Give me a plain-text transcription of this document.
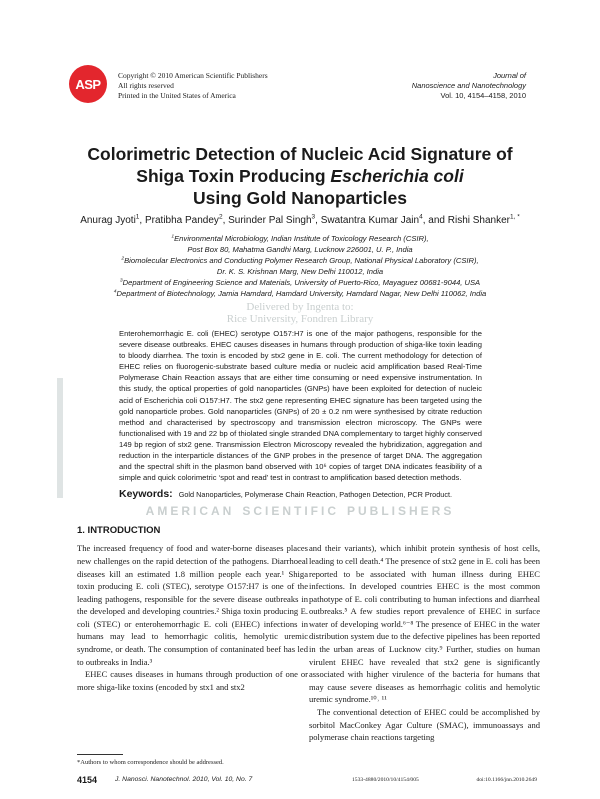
ASP
Copyright © 2010 American Scientific Publishers
All rights reserved
Printed in the United States of America
Journal of
Nanoscience and Nanotechnology
Vol. 10, 4154–4158, 2010
Colorimetric Detection of Nucleic Acid Signature of
Shiga Toxin Producing Escherichia coli
Using Gold Nanoparticles
Anurag Jyoti$^1$, Pratibha Pandey$^2$, Surinder Pal Singh$^3$, Swatantra Kumar Jain$^4$, and Rishi Shanker$^{1, *}$
$^1$Environmental Microbiology, Indian Institute of Toxicology Research (CSIR),
Post Box 80, Mahatma Gandhi Marg, Lucknow 226001, U. P., India
$^2$Biomolecular Electronics and Conducting Polymer Research Group, National Physical Laboratory (CSIR),
Dr. K. S. Krishnan Marg, New Delhi 110012, India
$^3$Department of Engineering Science and Materials, University of Puerto-Rico, Mayaguez 00681-9044, USA
$^4$Department of Biotechnology, Jamia Hamdard, Hamdard University, Hamdard Nagar, New Delhi 110062, India
Delivered by Ingenta to:
Rice University, Fondren Library
Enterohemorrhagic E. coli (EHEC) serotype O157:H7 is one of the major pathogens, responsible for the severe disease outbreaks. EHEC causes diseases in humans through production of shiga-like toxin leading to bloody diarrhea. The toxin is encoded by stx2 gene in E. coli. The current methodology for detection of EHEC relies on fluorogenic-substrate based culture media or nucleic acid amplification based Real-Time Polymerase Chain Reaction assays that are either time consuming or need expensive instrumentation. In this study, the optical properties of gold nanoparticles (GNPs) have been exploited for detection of nucleic acid of Escherichia coli O157:H7. The stx2 gene representing EHEC signature has been targeted using the gold nanoparticle probes. Gold nanoparticles (GNPs) of 20 ± 0.2 nm were synthesised by citrate reduction method and characterised by spectroscopy and transmission electron microscopy. The GNPs were functionalised with 19 and 22 bp of thiolated single stranded DNA complementary to target highly conserved 149 bp region of stx2 gene. Transmission Electron Microscopy revealed the hybridization, aggregation and reduction in the interparticle distances of the GNP probes in the presence of target DNA. The aggregation and the spectral shift in the plasmon band observed with 10⁶ copies of target DNA indicates feasibility of a simple and quick colorimetric ‘spot and read’ test in contrast to amplification based detection methods.
Keywords: Gold Nanoparticles, Polymerase Chain Reaction, Pathogen Detection, PCR Product.
AMERICAN SCIENTIFIC PUBLISHERS
1. INTRODUCTION

The increased frequency of food and water-borne diseases places new challenges on the rapid detection of the pathogens. Diarrhoeal diseases kill an estimated 1.8 million people each year.¹ Shiga toxin producing E. coli (STEC), serotype O157:H7 is one of the leading pathogens, responsible for the severe disease outbreaks in the developed and developing countries.² Shiga toxin producing E. coli (STEC) or enterohemorrhagic E. coli (EHEC) infections in humans may lead to hemorrhagic colitis, hemolytic uremic syndrome, or death. The consumption of contaninated beef has led to outbreaks in India.³

EHEC causes diseases in humans through production of one or more shiga-like toxins (encoded by stx1 and stx2

and their variants), which inhibit protein synthesis of host cells, leading to cell death.⁴ The presence of stx2 gene in E. coli has been reported to be associated with human illness during EHEC infections. In developed countries EHEC is the most common pathotype of E. coli contributing to human infections and diarrheal outbreaks.⁵ A few studies report prevalence of EHEC in surface water of developing world.⁶⁻⁸ The presence of EHEC in the water distribution system due to the defective pipelines has been reported in the urban areas of Lucknow city.⁹ Further, studies on human virulent EHEC have revealed that stx2 gene is significantly associated with higher virulence of the bacteria for humans that may cause severe diseases as hemorrhagic colitis and hemolytic uremic syndrome.¹⁰˒ ¹¹

The conventional detection of EHEC could be accomplished by sorbitol MacConkey Agar Culture (SMAC), immunoassays and polymerase chain reactions targeting

*Authors to whom correspondence should be addressed.
4154	J. Nanosci. Nanotechnol. 2010, Vol. 10, No. 7	1533-4880/2010/10/4154/005	doi:10.1166/jnn.2010.2649
